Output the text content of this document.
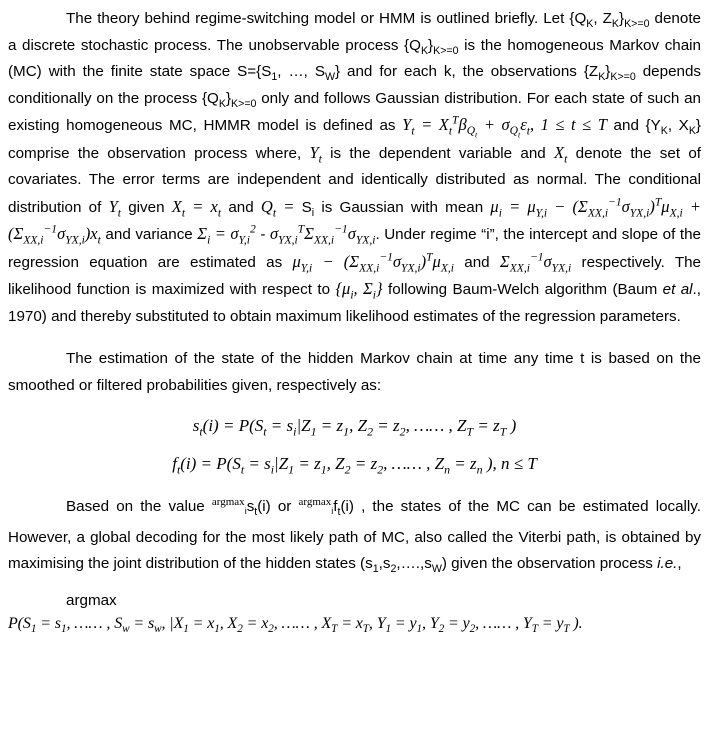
The theory behind regime-switching model or HMM is outlined briefly. Let {$Q_K$, $Z_K\}_{K>=0}$ denote a discrete stochastic process. The unobservable process $\{Q_K\}_{K>=0}$ is the homogeneous Markov chain (MC) with the finite state space $S=\{S_1$, …, $S_W$} and for each k, the observations $\{Z_K\}_{K>=0}$ depends conditionally on the process $\{Q_K\}_{K>=0}$ only and follows Gaussian distribution. For each state of such an existing homogeneous MC, HMMR model is defined as $Y_t = X_t^T\beta_{Q_t} + \sigma_{Q_t}\varepsilon_t$, 1 ≤ t ≤ T and {$Y_K$, $X_K$} comprise the observation process where, $Y_t$ is the dependent variable and $X_t$ denote the set of covariates. The error terms are independent and identically distributed as normal. The conditional distribution of $Y_t$ given $X_t = x_t$ and $Q_t = S_i$ is Gaussian with mean $\mu_i = \mu_{Y,i} - (\Sigma_{XX,i}^{-1}\sigma_{YX,i})^T\mu_{X,i} + (\Sigma_{XX,i}^{-1}\sigma_{YX,i})x_t$ and variance $\Sigma_i = \sigma_{Y,i}^2 - \sigma_{YX,i}^T\Sigma_{XX,i}^{-1}\sigma_{YX,i}$. Under regime “i”, the intercept and slope of the regression equation are estimated as $\mu_{Y,i} - (\Sigma_{XX,i}^{-1}\sigma_{YX,i})^T\mu_{X,i}$ and $\Sigma_{XX,i}^{-1}\sigma_{YX,i}$ respectively. The likelihood function is maximized with respect to {$\mu_i$, $\Sigma_i$} following Baum-Welch algorithm (Baum et al., 1970) and thereby substituted to obtain maximum likelihood estimates of the regression parameters.

The estimation of the state of the hidden Markov chain at time any time t is based on the smoothed or filtered probabilities given, respectively as:

$s_t(i) = P(S_t = s_i|Z_1 = z_1$, $Z_2 = z_2$, …… , $Z_T = z_T$ )
$f_t(i) = P(S_t = s_i|Z_1 = z_1$, $Z_2 = z_2$, …… , $Z_n = z_n$ ), n ≤ T

Based on the value $^{argmax}is_t(i)$ or $^{argmax}if_t(i)$ , the states of the MC can be estimated locally. However, a global decoding for the most likely path of MC, also called the Viterbi path, is obtained by maximising the joint distribution of the hidden states $(s_1,s_2,\dots.,s_W)$ given the observation process i.e.,

argmax
$P(S_1 = s_1$, …… , $S_w = s_w$, $|X_1 = x_1$, $X_2 = x_2$, …… , $X_T = x_T$, $Y_1 = y_1$, $Y_2 = y_2$, …… , $Y_T = y_T$ ).
